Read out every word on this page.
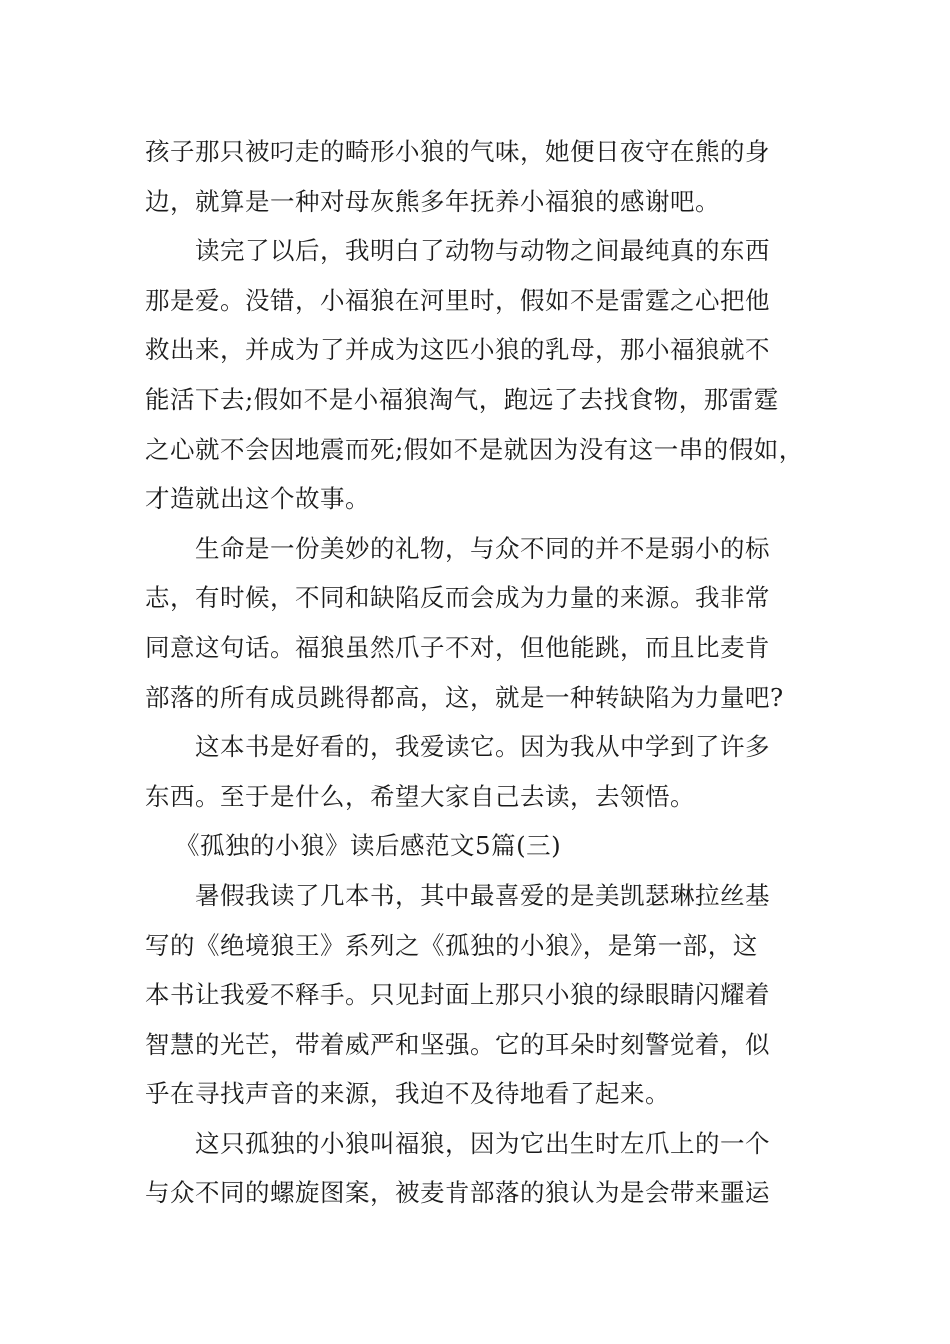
孩子那只被叼走的畸形小狼的气味，她便日夜守在熊的身
边，就算是一种对母灰熊多年抚养小福狼的感谢吧。
读完了以后，我明白了动物与动物之间最纯真的东西
那是爱。没错，小福狼在河里时，假如不是雷霆之心把他
救出来，并成为了并成为这匹小狼的乳母，那小福狼就不
能活下去;假如不是小福狼淘气，跑远了去找食物，那雷霆
之心就不会因地震而死;假如不是就因为没有这一串的假如，
才造就出这个故事。
生命是一份美妙的礼物，与众不同的并不是弱小的标
志，有时候，不同和缺陷反而会成为力量的来源。我非常
同意这句话。福狼虽然爪子不对，但他能跳，而且比麦肯
部落的所有成员跳得都高，这，就是一种转缺陷为力量吧?
这本书是好看的，我爱读它。因为我从中学到了许多
东西。至于是什么，希望大家自己去读，去领悟。
《孤独的小狼》读后感范文5篇(三)
暑假我读了几本书，其中最喜爱的是美凯瑟琳拉丝基
写的《绝境狼王》系列之《孤独的小狼》，是第一部，这
本书让我爱不释手。只见封面上那只小狼的绿眼睛闪耀着
智慧的光芒，带着威严和坚强。它的耳朵时刻警觉着，似
乎在寻找声音的来源，我迫不及待地看了起来。
这只孤独的小狼叫福狼，因为它出生时左爪上的一个
与众不同的螺旋图案，被麦肯部落的狼认为是会带来噩运
